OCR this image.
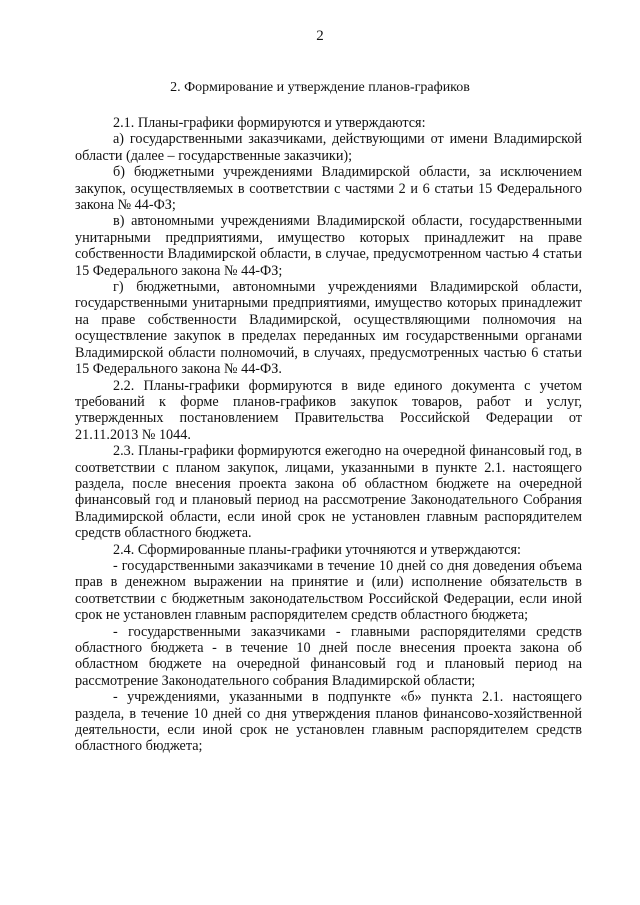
2
2. Формирование и утверждение планов-графиков

2.1. Планы-графики формируются и утверждаются:

а) государственными заказчиками, действующими от имени Владимирской области (далее – государственные заказчики);

б) бюджетными учреждениями Владимирской области, за исключением закупок, осуществляемых в соответствии с частями 2 и 6 статьи 15 Федерального закона № 44-ФЗ;

в) автономными учреждениями Владимирской области, государственными унитарными предприятиями, имущество которых принадлежит на праве собственности Владимирской области, в случае, предусмотренном частью 4 статьи 15 Федерального закона № 44-ФЗ;

г) бюджетными, автономными учреждениями Владимирской области, государственными унитарными предприятиями, имущество которых принадлежит на праве собственности Владимирской, осуществляющими полномочия на осуществление закупок в пределах переданных им государственными органами Владимирской области полномочий, в случаях, предусмотренных частью 6 статьи 15 Федерального закона № 44-ФЗ.

2.2. Планы-графики формируются в виде единого документа с учетом требований к форме планов-графиков закупок товаров, работ и услуг, утвержденных постановлением Правительства Российской Федерации от 21.11.2013 № 1044.

2.3. Планы-графики формируются ежегодно на очередной финансовый год, в соответствии с планом закупок, лицами, указанными в пункте 2.1. настоящего раздела, после внесения проекта закона об областном бюджете на очередной финансовый год и плановый период на рассмотрение Законодательного Собрания Владимирской области, если иной срок не установлен главным распорядителем средств областного бюджета.

2.4. Сформированные планы-графики уточняются и утверждаются:

- государственными заказчиками в течение 10 дней со дня доведения объема прав в денежном выражении на принятие и (или) исполнение обязательств в соответствии с бюджетным законодательством Российской Федерации, если иной срок не установлен главным распорядителем средств областного бюджета;

- государственными заказчиками - главными распорядителями средств областного бюджета - в течение 10 дней после внесения проекта закона об областном бюджете на очередной финансовый год и плановый период на рассмотрение Законодательного собрания Владимирской области;

- учреждениями, указанными в подпункте «б» пункта 2.1. настоящего раздела, в течение 10 дней со дня утверждения планов финансово-хозяйственной деятельности, если иной срок не установлен главным распорядителем средств областного бюджета;
